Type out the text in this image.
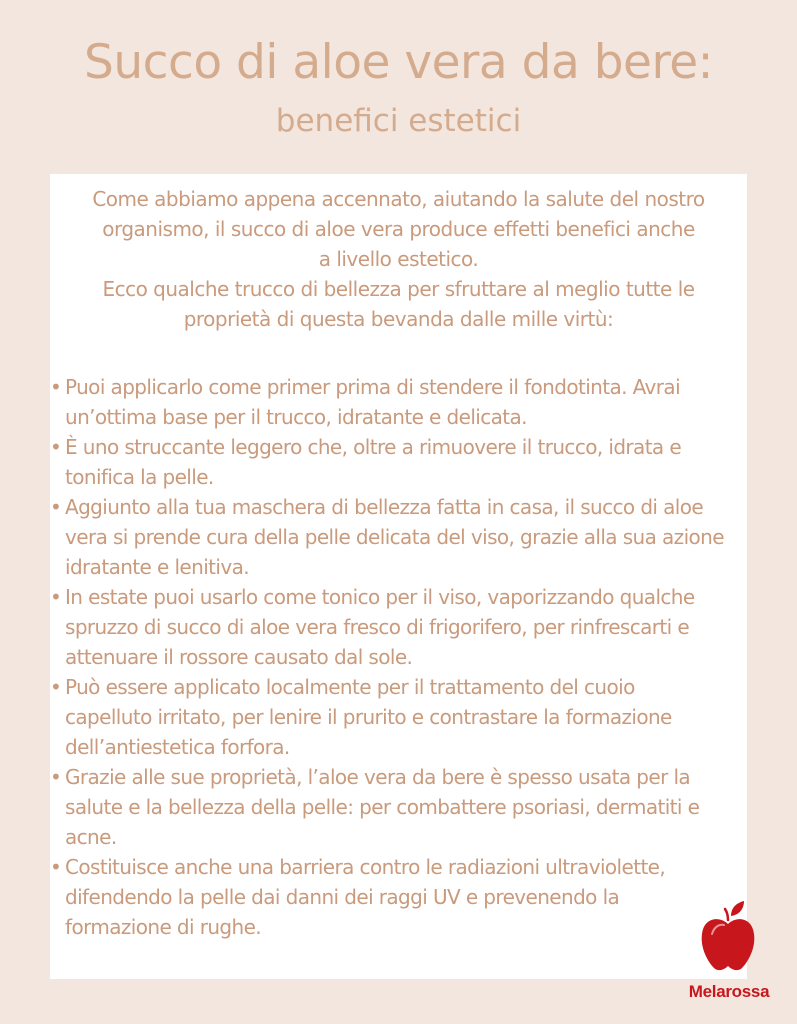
Succo di aloe vera da bere:
benefici estetici
Come abbiamo appena accennato, aiutando la salute del nostro
organismo, il succo di aloe vera produce effetti benefici anche
a livello estetico.
Ecco qualche trucco di bellezza per sfruttare al meglio tutte le
proprietà di questa bevanda dalle mille virtù:
• Puoi applicarlo come primer prima di stendere il fondotinta. Avrai
un’ottima base per il trucco, idratante e delicata.
• È uno struccante leggero che, oltre a rimuovere il trucco, idrata e
tonifica la pelle.
• Aggiunto alla tua maschera di bellezza fatta in casa, il succo di aloe
vera si prende cura della pelle delicata del viso, grazie alla sua azione
idratante e lenitiva.
• In estate puoi usarlo come tonico per il viso, vaporizzando qualche
spruzzo di succo di aloe vera fresco di frigorifero, per rinfrescarti e
attenuare il rossore causato dal sole.
• Può essere applicato localmente per il trattamento del cuoio
capelluto irritato, per lenire il prurito e contrastare la formazione
dell’antiestetica forfora.
• Grazie alle sue proprietà, l’aloe vera da bere è spesso usata per la
salute e la bellezza della pelle: per combattere psoriasi, dermatiti e
acne.
• Costituisce anche una barriera contro le radiazioni ultraviolette,
difendendo la pelle dai danni dei raggi UV e prevenendo la
formazione di rughe.
Melarossa
